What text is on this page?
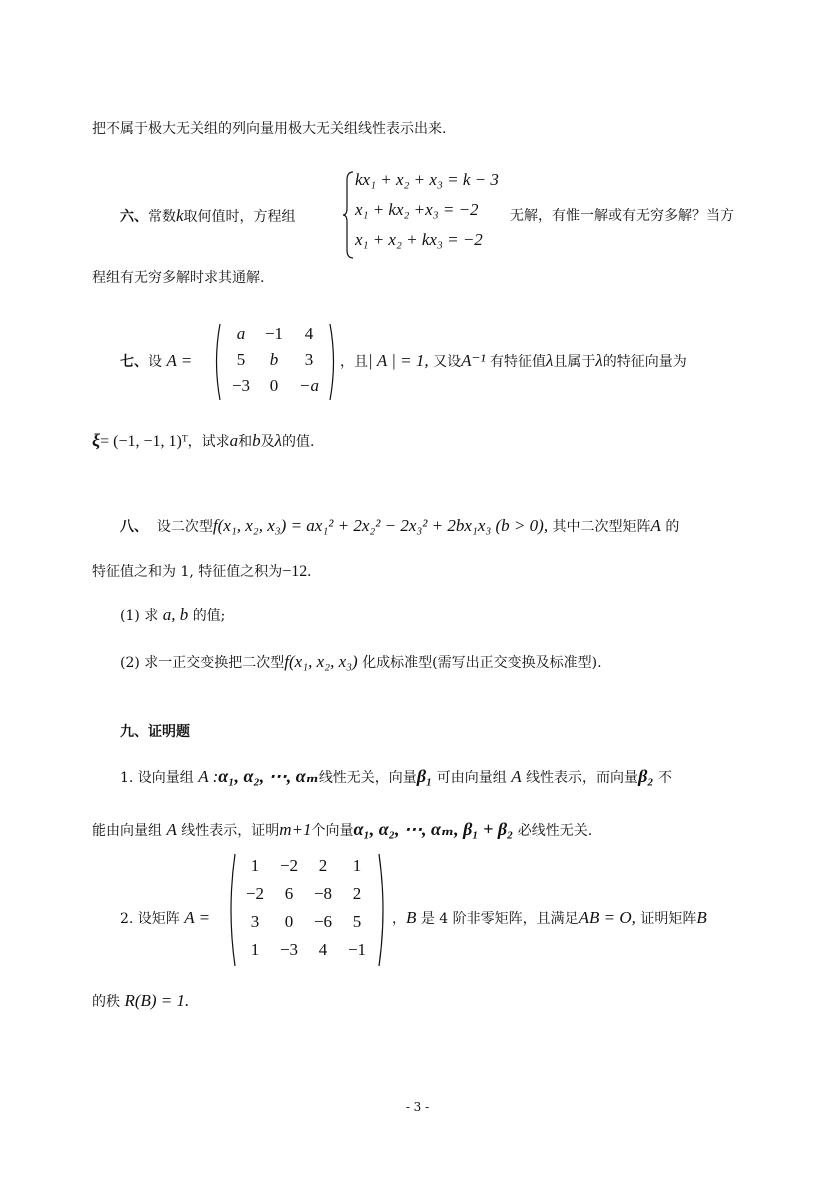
把不属于极大无关组的列向量用极大无关组线性表示出来.
六、常数k取何值时，方程组
kx₁ + x₂ + x₃ = k − 3
x₁ + kx₂ +x₃ = −2
x₁ + x₂ + kx₃ = −2
无解，有惟一解或有无穷多解？当方
程组有无穷多解时求其通解.
七、设 A =
a	−1	4
5	b	3
−3	0	−a
，且| A | = 1, 又设A⁻¹ 有特征值λ且属于λ的特征向量为
ξ= (−1, −1, 1)ᵀ，试求a和b及λ的值.
八、 设二次型f(x₁, x₂, x₃) = ax₁² + 2x₂² − 2x₃² + 2bx₁x₃ (b > 0), 其中二次型矩阵A 的
特征值之和为 1, 特征值之积为−12.
(1) 求 a, b 的值;
(2) 求一正交变换把二次型f(x₁, x₂, x₃) 化成标准型(需写出正交变换及标准型).
九、证明题
1. 设向量组 A :α₁, α₂, ⋯, αₘ线性无关，向量β₁ 可由向量组 A 线性表示，而向量β₂ 不
能由向量组 A 线性表示，证明m+1个向量α₁, α₂, ⋯, αₘ, β₁ + β₂ 必线性无关.
2. 设矩阵 A =
1	−2	2	1
−2	6	−8	2
3	0	−6	5
1	−3	4	−1
，B 是 4 阶非零矩阵，且满足AB = O, 证明矩阵B
的秩 R(B) = 1.
- 3 -
